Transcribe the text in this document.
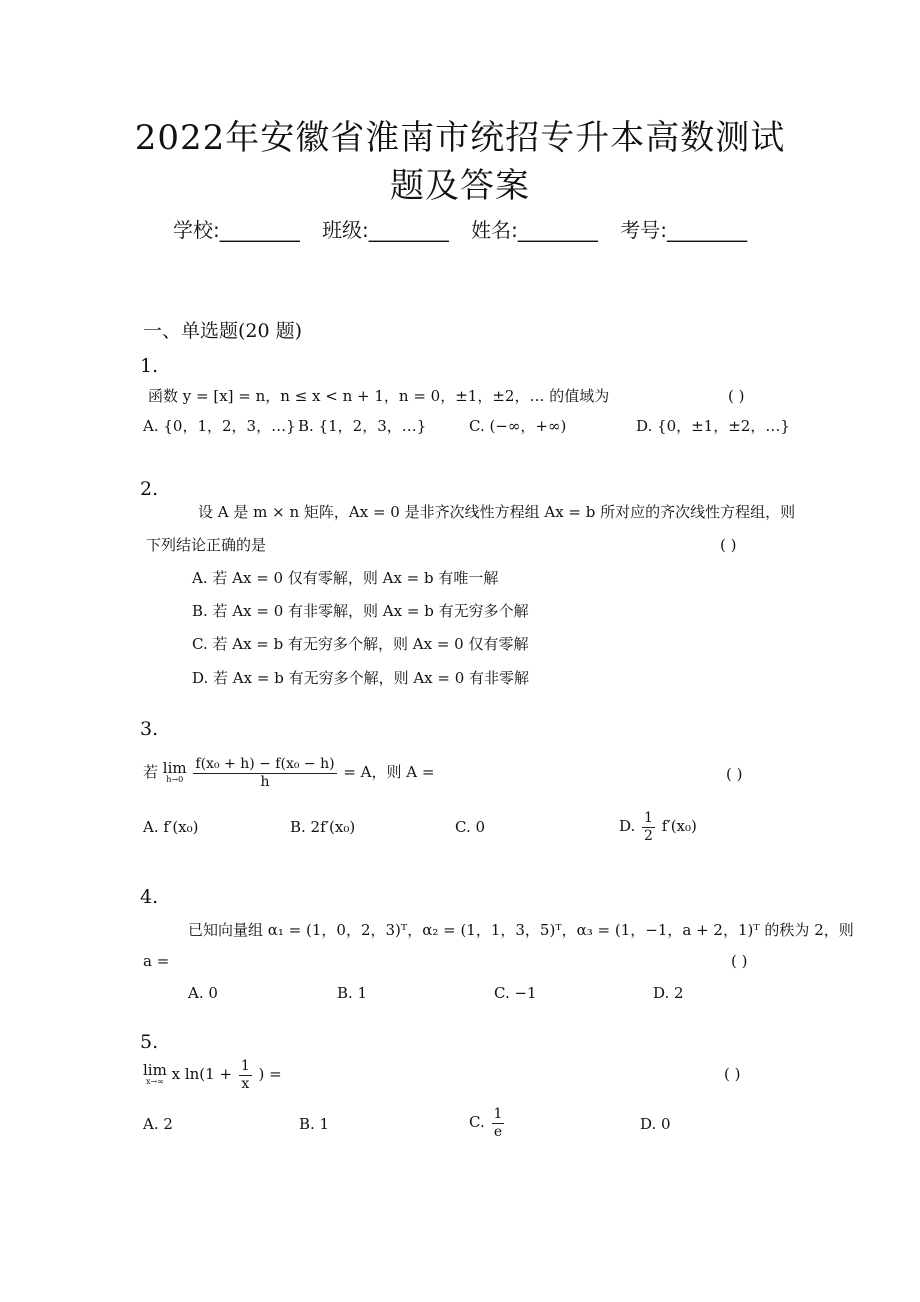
2022年安徽省淮南市统招专升本高数测试
题及答案
学校:________ 班级:________ 姓名:________ 考号:________
一、单选题(20 题)
1.
函数 y = [x] = n，n ≤ x < n + 1，n = 0，±1，±2，… 的值域为	( )
A. {0，1，2，3，…} B. {1，2，3，…}	C. (−∞，+∞)	D. {0，±1，±2，…}
2.
设 A 是 m × n 矩阵，Ax = 0 是非齐次线性方程组 Ax = b 所对应的齐次线性方程组，则
下列结论正确的是	( )
A. 若 Ax = 0 仅有零解，则 Ax = b 有唯一解
B. 若 Ax = 0 有非零解，则 Ax = b 有无穷多个解
C. 若 Ax = b 有无穷多个解，则 Ax = 0 仅有零解
D. 若 Ax = b 有无穷多个解，则 Ax = 0 有非零解
3.
若 lim
h→0
$\frac{\text{f(x₀ + h) − f(x₀ − h)}}{h} = A$，则 A =	( )
A. f′(x₀)	B. 2f′(x₀)	C. 0	D. $\frac{1}{2} f'(x_0)$
4.
已知向量组 α₁ = (1，0，2，3)ᵀ，α₂ = (1，1，3，5)ᵀ，α₃ = (1，−1，a + 2，1)ᵀ 的秩为 2，则
a =	( )
A. 0	B. 1	C. −1	D. 2
5.
lim
x→∞ x $\ln(1 + \frac{1}{x}$ ) =	( )
A. 2	B. 1	C. $\frac{1}{e}$	D. 0
